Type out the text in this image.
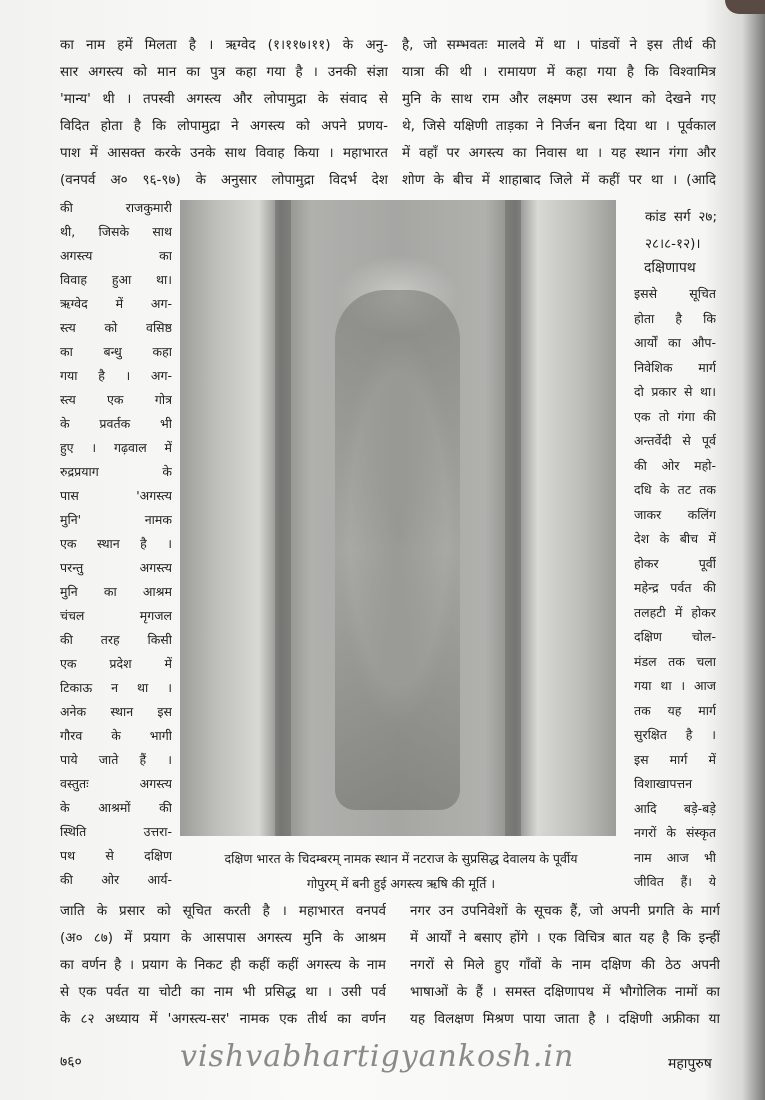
का नाम हमें मिलता है । ऋग्वेद (१।११७।११) के अनु-
सार अगस्त्य को मान का पुत्र कहा गया है । उनकी संज्ञा
'मान्य' थी । तपस्वी अगस्त्य और लोपामुद्रा के संवाद से
विदित होता है कि लोपामुद्रा ने अगस्त्य को अपने प्रणय-
पाश में आसक्त करके उनके साथ विवाह किया । महाभारत
(वनपर्व अ० ९६-९७) के अनुसार लोपामुद्रा विदर्भ देश
है, जो सम्भवतः मालवे में था । पांडवों ने इस तीर्थ की
यात्रा की थी । रामायण में कहा गया है कि विश्वामित्र
मुनि के साथ राम और लक्ष्मण उस स्थान को देखने गए
थे, जिसे यक्षिणी ताड़का ने निर्जन बना दिया था । पूर्वकाल
में वहाँ पर अगस्त्य का निवास था । यह स्थान गंगा और
शोण के बीच में शाहाबाद जिले में कहीं पर था । (आदि
कांड सर्ग २७;
२८।८-१२)।
की राजकुमारी
थी, जिसके साथ
अगस्त्य का
विवाह हुआ था।
ऋग्वेद में अग-
स्त्य को वसिष्ठ
का बन्धु कहा
गया है । अग-
स्त्य एक गोत्र
के प्रवर्तक भी
हुए । गढ़वाल में
रुद्रप्रयाग के
पास 'अगस्त्य
मुनि' नामक
एक स्थान है ।
परन्तु अगस्त्य
मुनि का आश्रम
चंचल मृगजल
की तरह किसी
एक प्रदेश में
टिकाऊ न था ।
अनेक स्थान इस
गौरव के भागी
पाये जाते हैं ।
वस्तुतः अगस्त्य
के आश्रमों की
स्थिति उत्तरा-
पथ से दक्षिण
की ओर आर्य-
दक्षिणापथ
इससे सूचित
होता है कि
आर्यों का औप-
निवेशिक मार्ग
दो प्रकार से था।
एक तो गंगा की
अन्तर्वेदी से पूर्व
की ओर महो-
दधि के तट तक
जाकर कलिंग
देश के बीच में
होकर पूर्वी
महेन्द्र पर्वत की
तलहटी में होकर
दक्षिण चोल-
मंडल तक चला
गया था । आज
तक यह मार्ग
सुरक्षित है ।
इस मार्ग में
विशाखापत्तन
आदि बड़े-बड़े
नगरों के संस्कृत
नाम आज भी
जीवित हैं। ये
दक्षिण भारत के चिदम्बरम् नामक स्थान में नटराज के सुप्रसिद्ध देवालय के पूर्वीय
गोपुरम् में बनी हुई अगस्त्य ऋषि की मूर्ति ।
जाति के प्रसार को सूचित करती है । महाभारत वनपर्व
(अ० ८७) में प्रयाग के आसपास अगस्त्य मुनि के आश्रम
का वर्णन है । प्रयाग के निकट ही कहीं कहीं अगस्त्य के नाम
से एक पर्वत या चोटी का नाम भी प्रसिद्ध था । उसी पर्व
के ८२ अध्याय में 'अगस्त्य-सर' नामक एक तीर्थ का वर्णन
नगर उन उपनिवेशों के सूचक हैं, जो अपनी प्रगति के मार्ग
में आर्यों ने बसाए होंगे । एक विचित्र बात यह है कि इन्हीं
नगरों से मिले हुए गाँवों के नाम दक्षिण की ठेठ अपनी
भाषाओं के हैं । समस्त दक्षिणापथ में भौगोलिक नामों का
यह विलक्षण मिश्रण पाया जाता है । दक्षिणी अफ्रीका या
vishvabhartigyankosh.in
७६०	महापुरुष
